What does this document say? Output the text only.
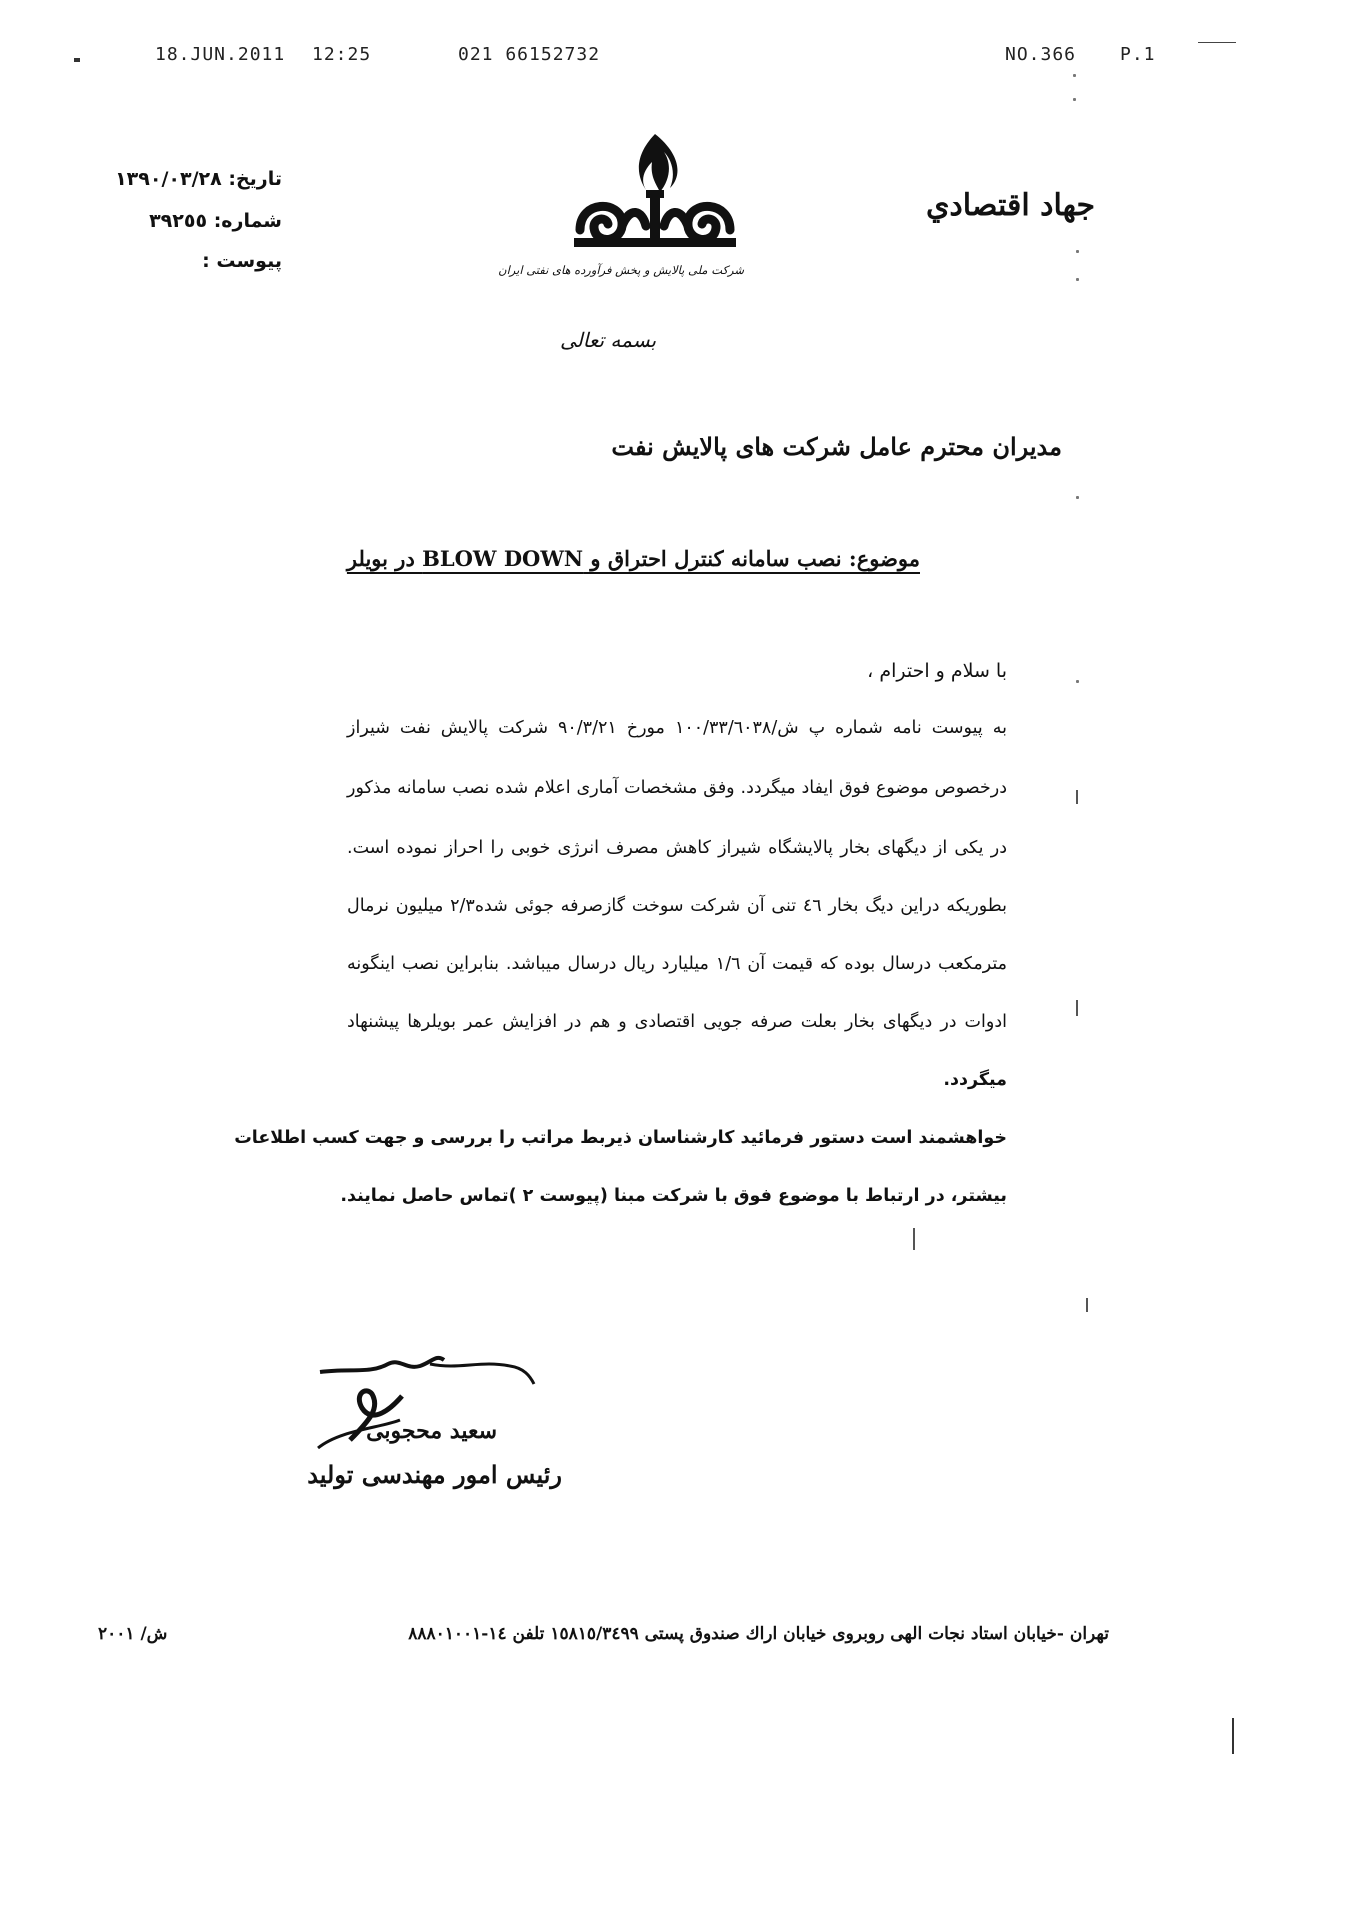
18.JUN.2011 12:25	021 66152732	NO.366 P.1
جهاد اقتصادي
تاريخ: ١٣٩٠/٠٣/٢٨
شماره: ٣٩٢٥٥
پيوست :	شرکت ملی پالایش و پخش فرآورده های نفتی ایران
بسمه تعالی
مديران محترم عامل شركت هاى پالايش نفت
موضوع: نصب سامانه كنترل احتراق و BLOW DOWN در بويلر
با سلام و احترام ،
به پيوست نامه شماره پ ش/١٠٠/٣٣/٦٠٣٨ مورخ ٩٠/٣/٢١ شركت پالايش نفت شيراز
درخصوص موضوع فوق ايفاد ميگردد. وفق مشخصات آمارى اعلام شده نصب سامانه مذكور
در يكى از ديگهاى بخار پالايشگاه شيراز كاهش مصرف انرژى خوبى را احراز نموده است.
بطوريكه دراين ديگ بخار ٤٦ تنى آن شركت سوخت گازصرفه جوئى شده٢/٣ ميليون نرمال
مترمكعب درسال بوده كه قيمت آن ١/٦ ميليارد ريال درسال ميباشد. بنابراين نصب اينگونه
ادوات در ديگهاى بخار بعلت صرفه جويى اقتصادى و هم در افزايش عمر بويلرها پيشنهاد
ميگردد.
خواهشمند است دستور فرمائيد كارشناسان ذيربط مراتب را بررسى و جهت كسب اطلاعات
بيشتر، در ارتباط با موضوع فوق با شركت مبنا (پيوست ٢ )تماس حاصل نمايند.
سعيد محجوبى
رئيس امور مهندسى توليد
تهران -خيابان استاد نجات الهى روبروى خيابان اراك صندوق پستى ١٥٨١٥/٣٤٩٩ تلفن ١٤-٨٨٨٠١٠٠١
ش/ ٢٠٠١
